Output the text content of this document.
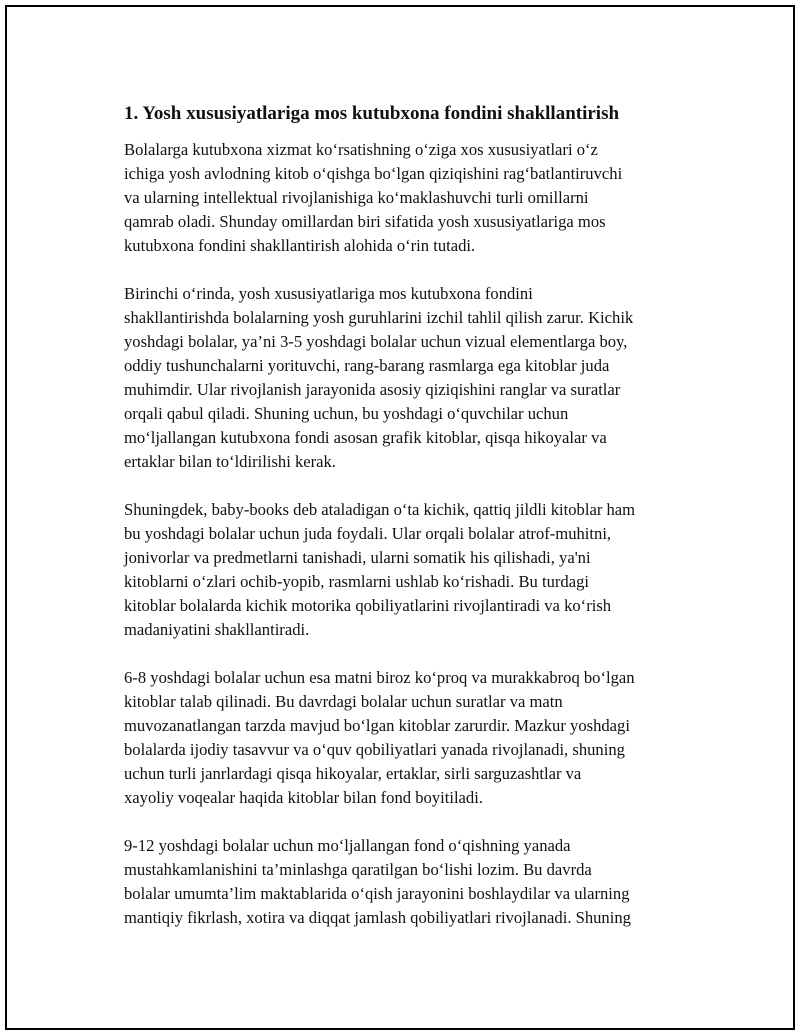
1. Yosh xususiyatlariga mos kutubxona fondini shakllantirish

Bolalarga kutubxona xizmat ko‘rsatishning o‘ziga xos xususiyatlari o‘z
ichiga yosh avlodning kitob o‘qishga bo‘lgan qiziqishini rag‘batlantiruvchi
va ularning intellektual rivojlanishiga ko‘maklashuvchi turli omillarni
qamrab oladi. Shunday omillardan biri sifatida yosh xususiyatlariga mos
kutubxona fondini shakllantirish alohida o‘rin tutadi.

Birinchi o‘rinda, yosh xususiyatlariga mos kutubxona fondini
shakllantirishda bolalarning yosh guruhlarini izchil tahlil qilish zarur. Kichik
yoshdagi bolalar, ya’ni 3-5 yoshdagi bolalar uchun vizual elementlarga boy,
oddiy tushunchalarni yorituvchi, rang-barang rasmlarga ega kitoblar juda
muhimdir. Ular rivojlanish jarayonida asosiy qiziqishini ranglar va suratlar
orqali qabul qiladi. Shuning uchun, bu yoshdagi o‘quvchilar uchun
mo‘ljallangan kutubxona fondi asosan grafik kitoblar, qisqa hikoyalar va
ertaklar bilan to‘ldirilishi kerak.

Shuningdek, baby-books deb ataladigan o‘ta kichik, qattiq jildli kitoblar ham
bu yoshdagi bolalar uchun juda foydali. Ular orqali bolalar atrof-muhitni,
jonivorlar va predmetlarni tanishadi, ularni somatik his qilishadi, ya'ni
kitoblarni o‘zlari ochib-yopib, rasmlarni ushlab ko‘rishadi. Bu turdagi
kitoblar bolalarda kichik motorika qobiliyatlarini rivojlantiradi va ko‘rish
madaniyatini shakllantiradi.

6-8 yoshdagi bolalar uchun esa matni biroz ko‘proq va murakkabroq bo‘lgan
kitoblar talab qilinadi. Bu davrdagi bolalar uchun suratlar va matn
muvozanatlangan tarzda mavjud bo‘lgan kitoblar zarurdir. Mazkur yoshdagi
bolalarda ijodiy tasavvur va o‘quv qobiliyatlari yanada rivojlanadi, shuning
uchun turli janrlardagi qisqa hikoyalar, ertaklar, sirli sarguzashtlar va
xayoliy voqealar haqida kitoblar bilan fond boyitiladi.

9-12 yoshdagi bolalar uchun mo‘ljallangan fond o‘qishning yanada
mustahkamlanishini ta’minlashga qaratilgan bo‘lishi lozim. Bu davrda
bolalar umumta’lim maktablarida o‘qish jarayonini boshlaydilar va ularning
mantiqiy fikrlash, xotira va diqqat jamlash qobiliyatlari rivojlanadi. Shuning
